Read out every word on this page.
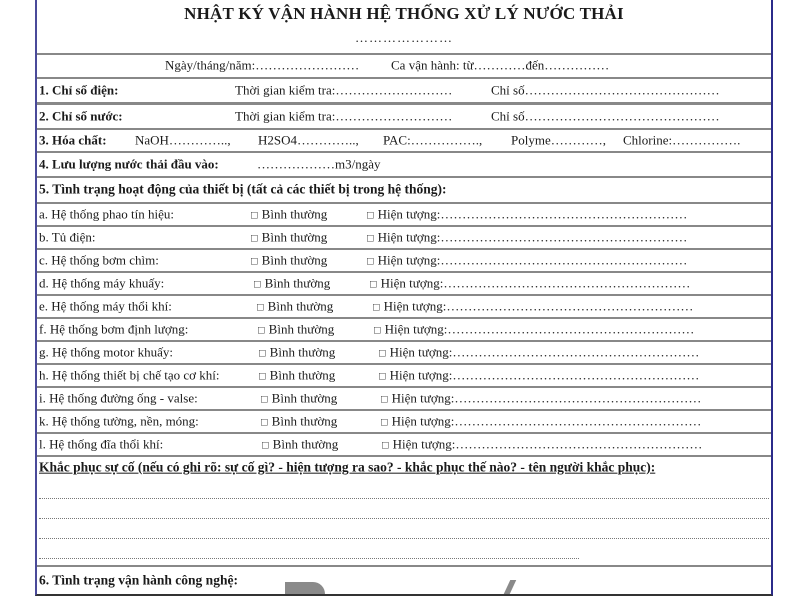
NHẬT KÝ VẬN HÀNH HỆ THỐNG XỬ LÝ NƯỚC THẢI
…………………
Ngày/tháng/năm:…………………… Ca vận hành: từ…………đến……………
1. Chỉ số điện:	Thời gian kiểm tra:………………………	Chỉ số………………………………………
2. Chỉ số nước:	Thời gian kiểm tra:………………………	Chỉ số………………………………………
3. Hóa chất: NaOH………….., H2SO4………….., PAC:……………., Polyme…………, Chlorine:…………….
4. Lưu lượng nước thải đầu vào:	………………m3/ngày
5. Tình trạng hoạt động của thiết bị (tất cả các thiết bị trong hệ thống):
a. Hệ thống phao tín hiệu:	□ Bình thường	□ Hiện tượng:…………………………………………………
b. Tủ điện:	□ Bình thường	□ Hiện tượng:…………………………………………………
c. Hệ thống bơm chìm:	□ Bình thường	□ Hiện tượng:…………………………………………………
d. Hệ thống máy khuấy:	□ Bình thường	□ Hiện tượng:…………………………………………………
e. Hệ thống máy thổi khí:	□ Bình thường	□ Hiện tượng:…………………………………………………
f. Hệ thống bơm định lượng:	□ Bình thường	□ Hiện tượng:…………………………………………………
g. Hệ thống motor khuấy:	□ Bình thường	□ Hiện tượng:…………………………………………………
h. Hệ thống thiết bị chế tạo cơ khí:	□ Bình thường	□ Hiện tượng:…………………………………………………
i. Hệ thống đường ống - valse:	□ Bình thường	□ Hiện tượng:…………………………………………………
k. Hệ thống tường, nền, móng:	□ Bình thường	□ Hiện tượng:…………………………………………………
l. Hệ thống đĩa thổi khí:	□ Bình thường	□ Hiện tượng:…………………………………………………
Khắc phục sự cố (nếu có ghi rõ: sự cố gì? - hiện tượng ra sao? - khắc phục thế nào? - tên người khắc phục):
6. Tình trạng vận hành công nghệ:
